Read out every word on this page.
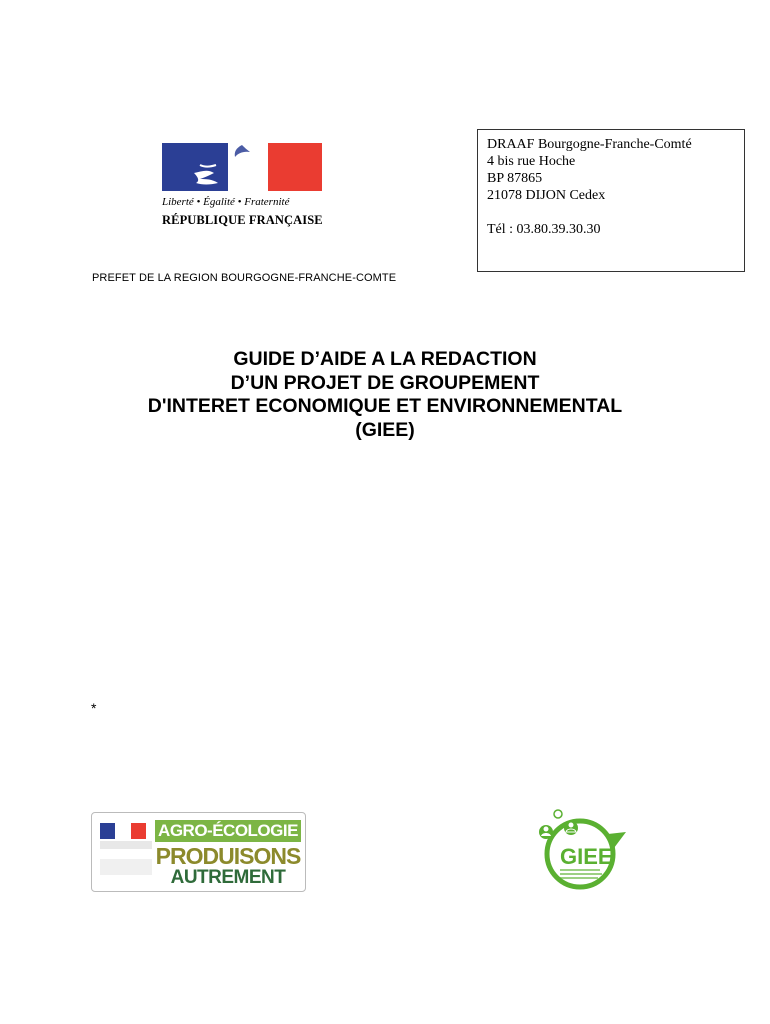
Liberté • Égalité • Fraternité
RÉPUBLIQUE FRANÇAISE
DRAAF Bourgogne-Franche-Comté
4 bis rue Hoche
BP 87865
21078 DIJON Cedex
Tél : 03.80.39.30.30
PREFET DE LA REGION BOURGOGNE-FRANCHE-COMTE
GUIDE D’AIDE A LA REDACTION
D’UN PROJET DE GROUPEMENT
D'INTERET ECONOMIQUE ET ENVIRONNEMENTAL
(GIEE)
*
AGRO-ÉCOLOGIE
PRODUISONS
AUTREMENT
GIEE
